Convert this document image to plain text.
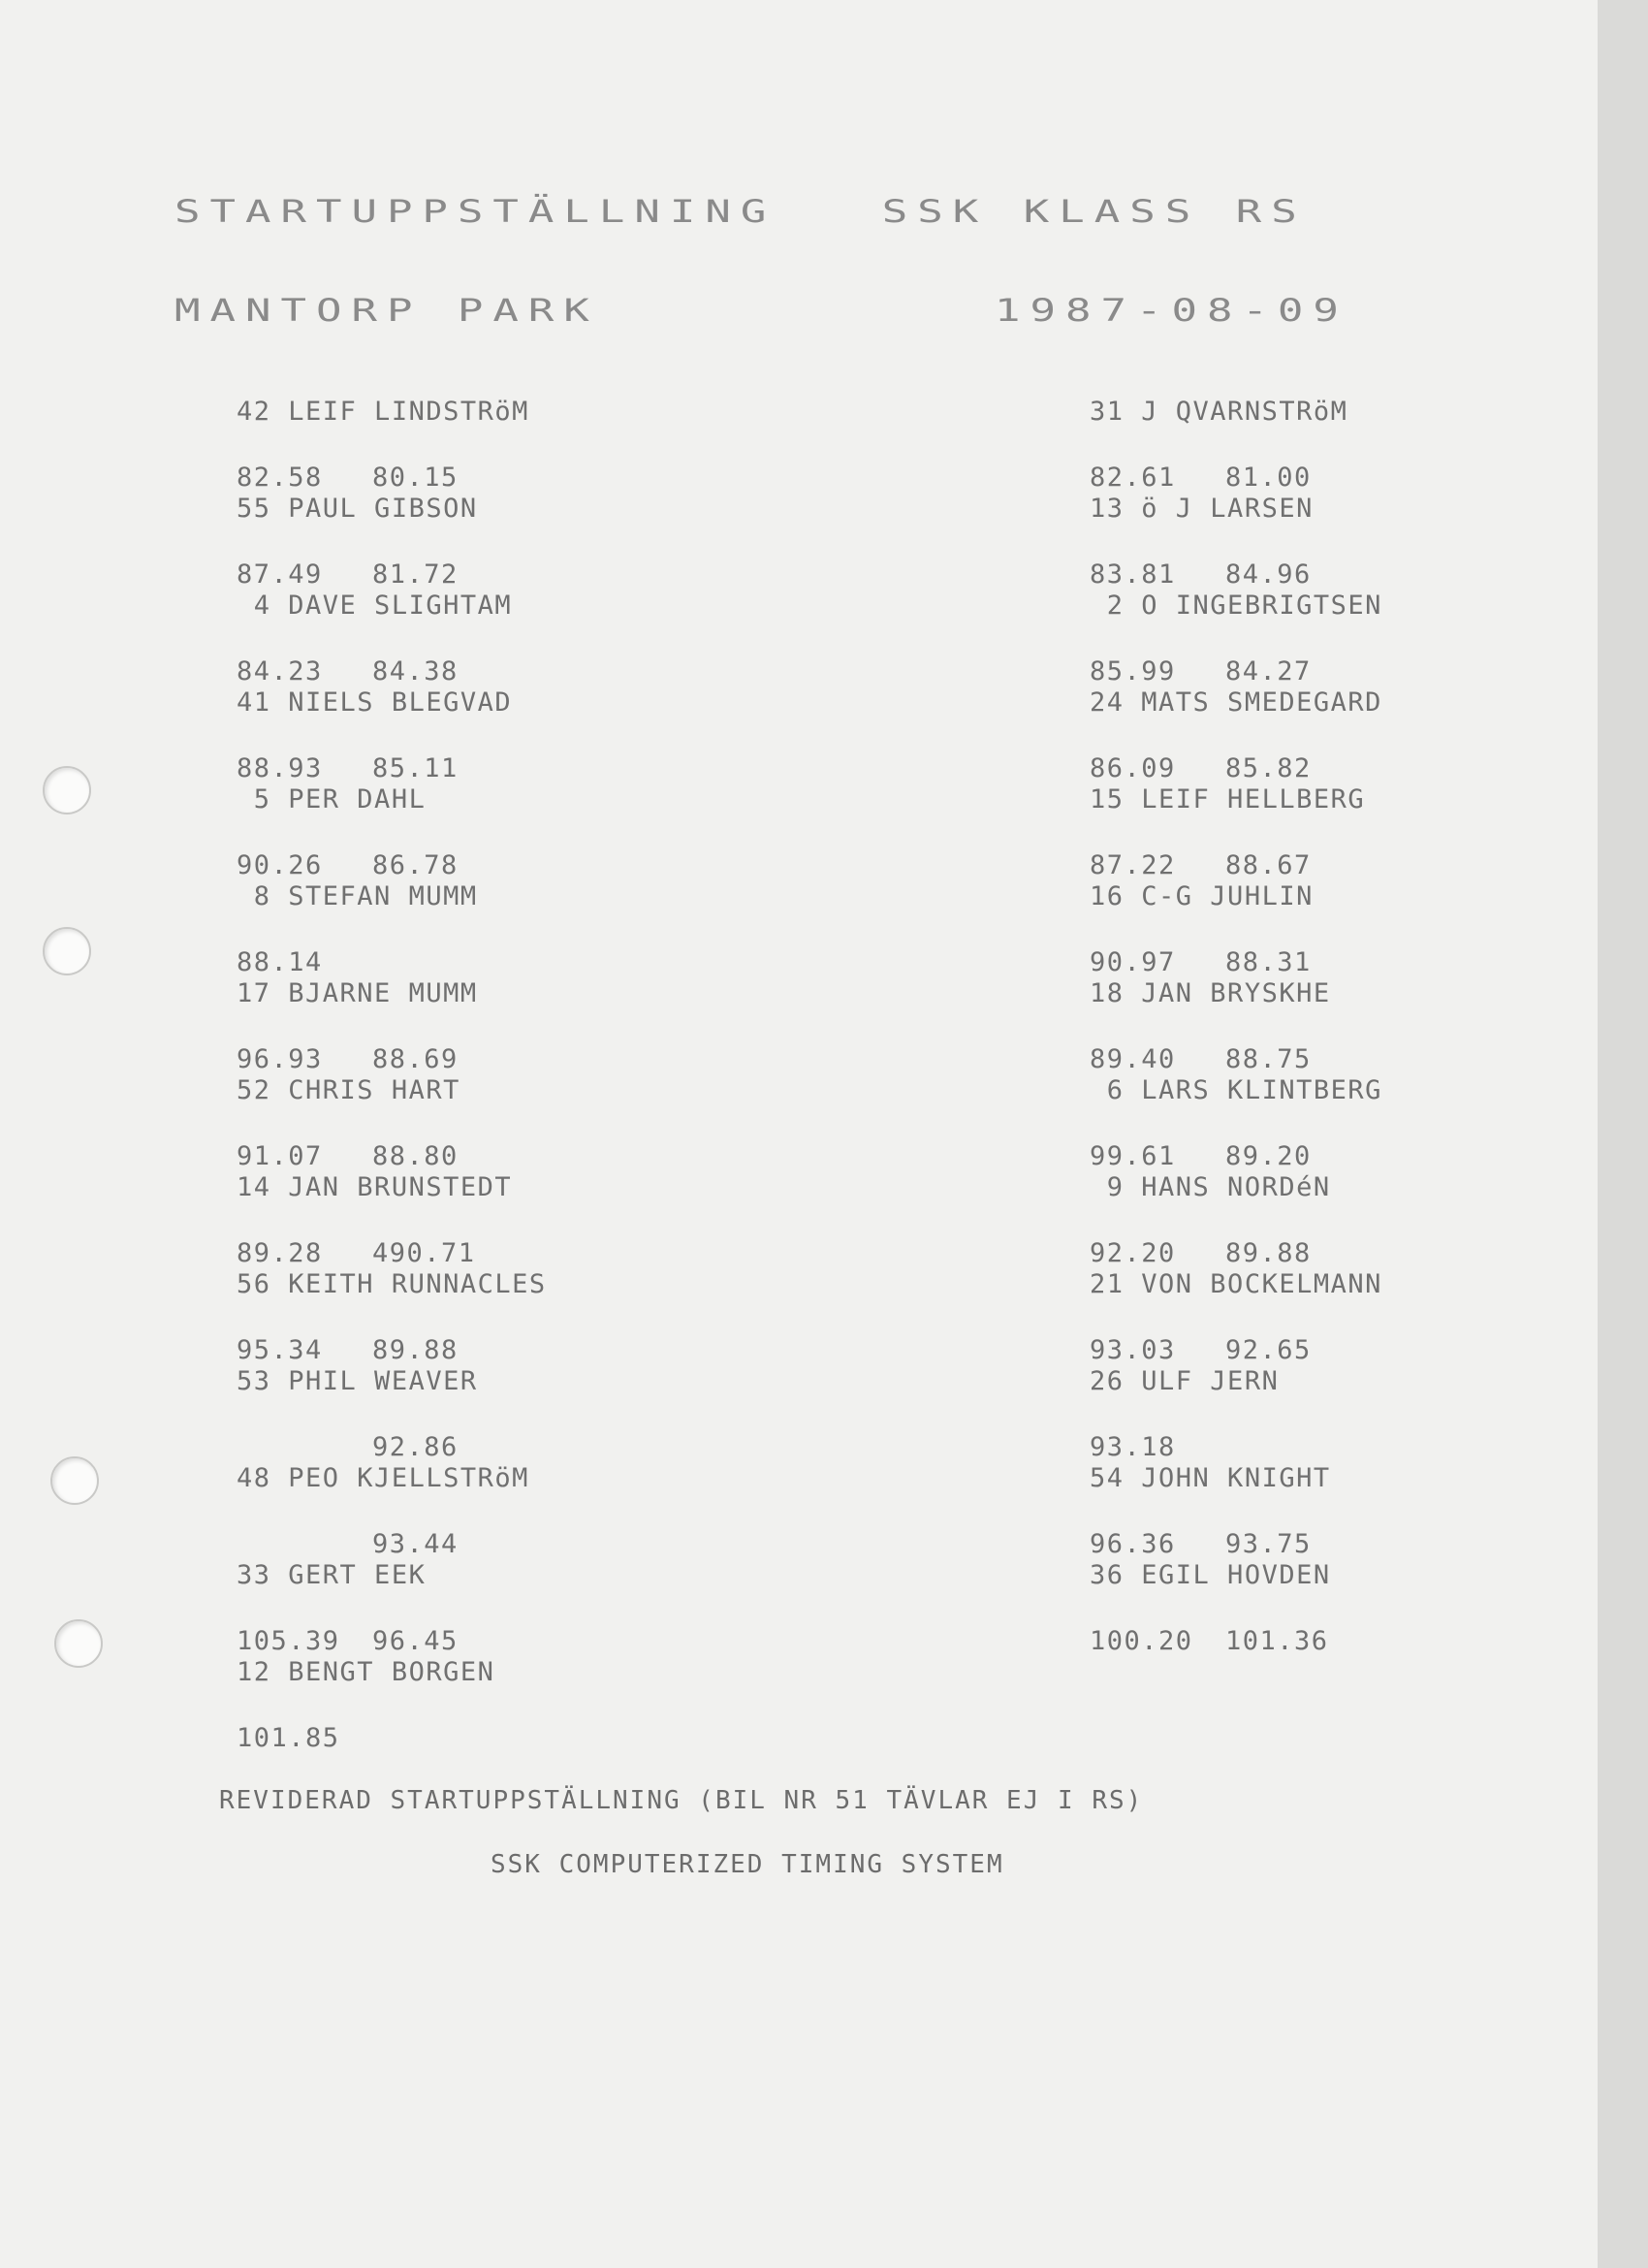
STARTUPPSTÄLLNING   SSK KLASS RS
MANTORP PARK	1987-08-09

42 LEIF LINDSTRöM

82.58 80.15

55 PAUL GIBSON

87.49 81.72

4 DAVE SLIGHTAM

84.23 84.38

41 NIELS BLEGVAD

88.93 85.11

5 PER DAHL

90.26 86.78

8 STEFAN MUMM

88.14

17 BJARNE MUMM

96.93 88.69

52 CHRIS HART

91.07 88.80

14 JAN BRUNSTEDT

89.28 490.71

56 KEITH RUNNACLES

95.34 89.88

53 PHIL WEAVER

92.86

48 PEO KJELLSTRöM

93.44

33 GERT EEK

105.39 96.45

12 BENGT BORGEN

101.85

31 J QVARNSTRöM

82.61 81.00

13 ö J LARSEN

83.81 84.96

2 O INGEBRIGTSEN

85.99 84.27

24 MATS SMEDEGARD

86.09 85.82

15 LEIF HELLBERG

87.22 88.67

16 C-G JUHLIN

90.97 88.31

18 JAN BRYSKHE

89.40 88.75

6 LARS KLINTBERG

99.61 89.20

9 HANS NORDéN

92.20 89.88

21 VON BOCKELMANN

93.03 92.65

26 ULF JERN

93.18

54 JOHN KNIGHT

96.36 93.75

36 EGIL HOVDEN

100.20 101.36

REVIDERAD STARTUPPSTÄLLNING (BIL NR 51 TÄVLAR EJ I RS)
SSK COMPUTERIZED TIMING SYSTEM
